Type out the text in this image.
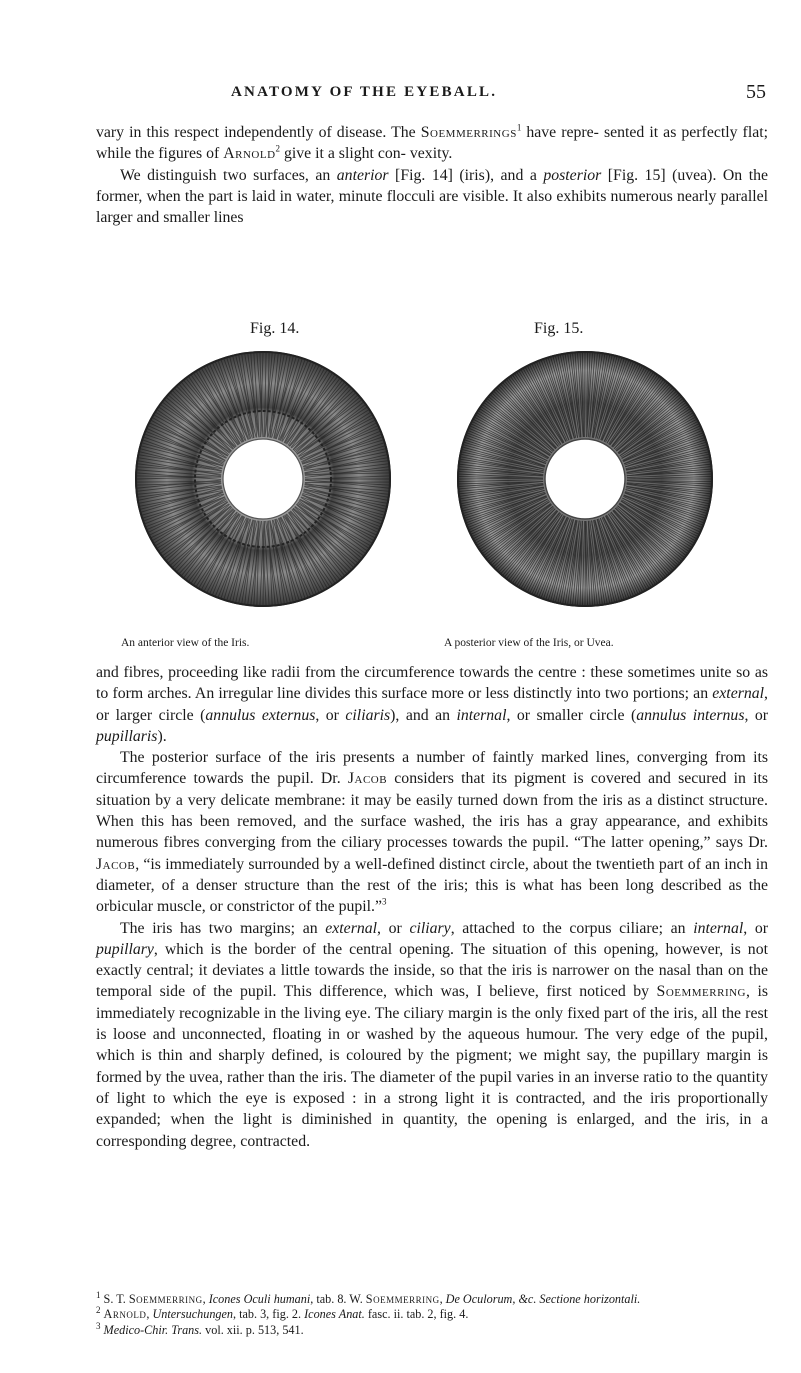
ANATOMY OF THE EYEBALL.	55

vary in this respect independently of disease. The Soemmerrings$^1$ have repre- sented it as perfectly flat; while the figures of Arnold$^2$ give it a slight con- vexity.

We distinguish two surfaces, an anterior [Fig. 14] (iris), and a posterior [Fig. 15] (uvea). On the former, when the part is laid in water, minute flocculi are visible. It also exhibits numerous nearly parallel larger and smaller lines

Fig. 14.	Fig. 15.
An anterior view of the Iris.	A posterior view of the Iris, or Uvea.

and fibres, proceeding like radii from the circumference towards the centre : these sometimes unite so as to form arches. An irregular line divides this surface more or less distinctly into two portions; an external, or larger circle (annulus externus, or ciliaris), and an internal, or smaller circle (annulus internus, or pupillaris).

The posterior surface of the iris presents a number of faintly marked lines, converging from its circumference towards the pupil. Dr. Jacob considers that its pigment is covered and secured in its situation by a very delicate membrane: it may be easily turned down from the iris as a distinct structure. When this has been removed, and the surface washed, the iris has a gray appearance, and exhibits numerous fibres converging from the ciliary processes towards the pupil. “The latter opening,” says Dr. Jacob, “is immediately surrounded by a well-defined distinct circle, about the twentieth part of an inch in diameter, of a denser structure than the rest of the iris; this is what has been long described as the orbicular muscle, or constrictor of the pupil.”$^3$

The iris has two margins; an external, or ciliary, attached to the corpus ciliare; an internal, or pupillary, which is the border of the central opening. The situation of this opening, however, is not exactly central; it deviates a little towards the inside, so that the iris is narrower on the nasal than on the temporal side of the pupil. This difference, which was, I believe, first noticed by Soemmerring, is immediately recognizable in the living eye. The ciliary margin is the only fixed part of the iris, all the rest is loose and unconnected, floating in or washed by the aqueous humour. The very edge of the pupil, which is thin and sharply defined, is coloured by the pigment; we might say, the pupillary margin is formed by the uvea, rather than the iris. The diameter of the pupil varies in an inverse ratio to the quantity of light to which the eye is exposed : in a strong light it is contracted, and the iris proportionally expanded; when the light is diminished in quantity, the opening is enlarged, and the iris, in a corresponding degree, contracted.

$^1$ S. T. Soemmerring, Icones Oculi humani, tab. 8. W. Soemmerring, De Oculorum, &c. Sectione horizontali.

$^2$ Arnold, Untersuchungen, tab. 3, fig. 2. Icones Anat. fasc. ii. tab. 2, fig. 4.

$^3$ Medico-Chir. Trans. vol. xii. p. 513, 541.
